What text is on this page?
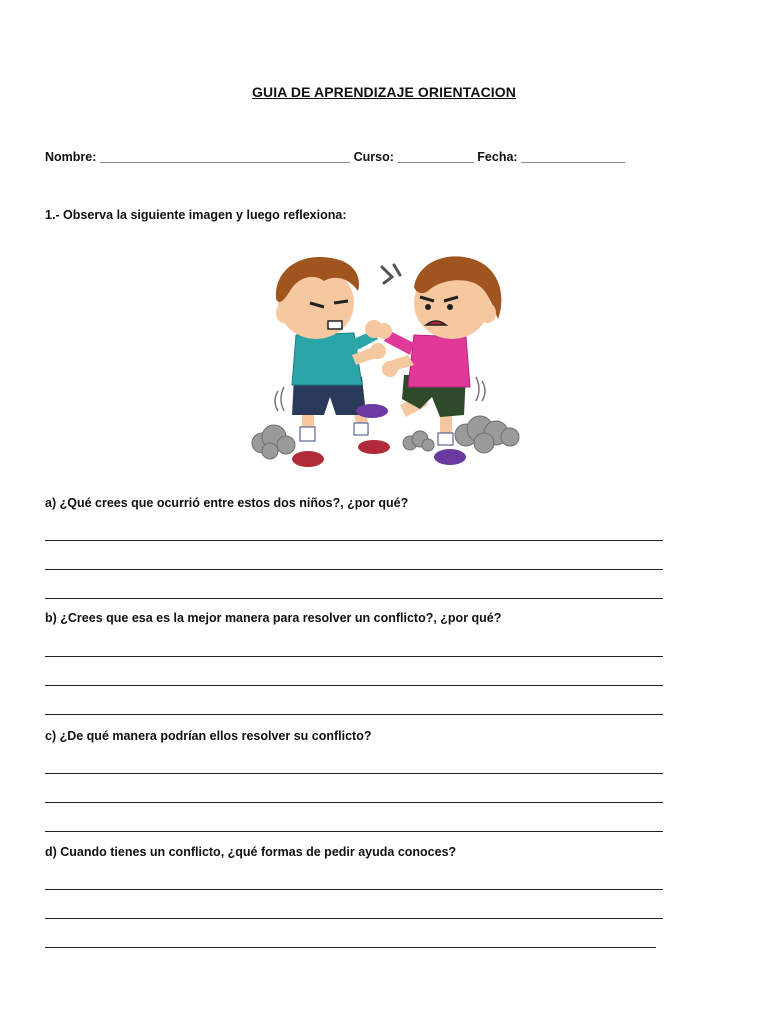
GUIA DE APRENDIZAJE ORIENTACION
Nombre: ____________________________________ Curso: ___________ Fecha: _______________
1.- Observa la siguiente imagen y luego reflexiona:
a) ¿Qué crees que ocurrió entre estos dos niños?, ¿por qué?
b) ¿Crees que esa es la mejor manera para resolver un conflicto?, ¿por qué?
c) ¿De qué manera podrían ellos resolver su conflicto?
d) Cuando tienes un conflicto, ¿qué formas de pedir ayuda conoces?
